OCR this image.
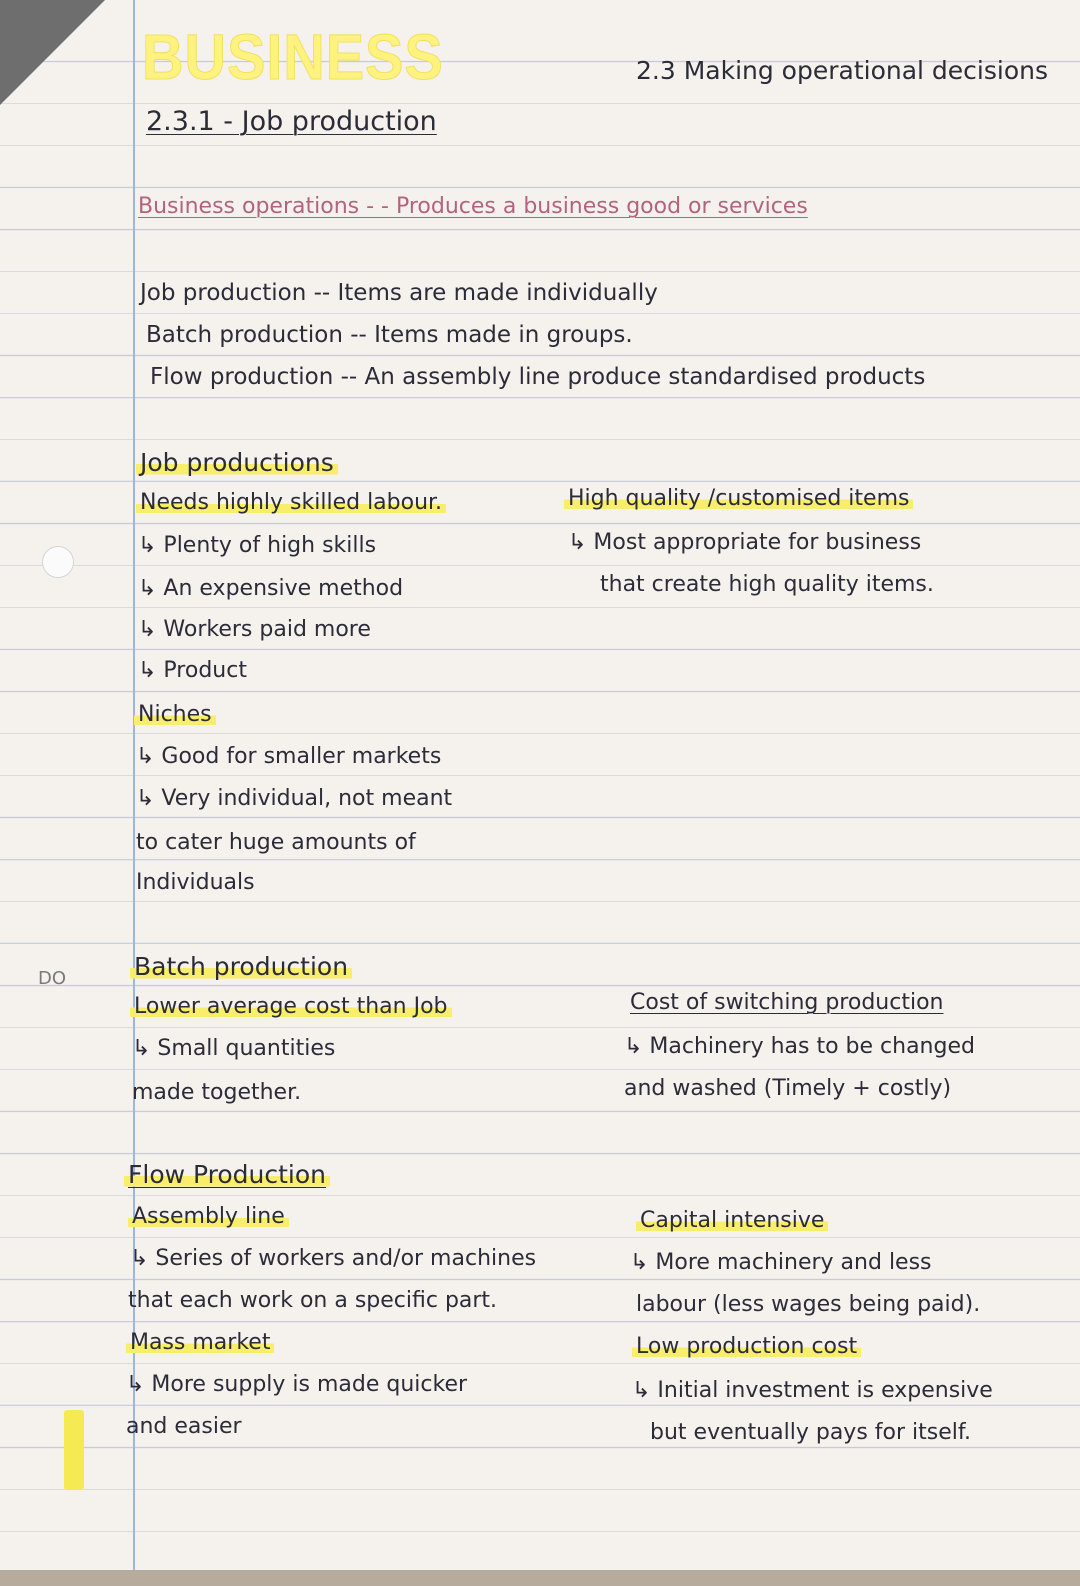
DO
BUSINESS
2.3.1 - Job production
2.3 Making operational decisions
Business operations - - Produces a business good or services
Job production -- Items are made individually
Batch production -- Items made in groups.
Flow production -- An assembly line produce standardised products
Job productions
Needs highly skilled labour.
↳ Plenty of high skills
↳ An expensive method
↳ Workers paid more
↳ Product
Niches
↳ Good for smaller markets
↳ Very individual, not meant
to cater huge amounts of
Individuals
High quality /customised items
↳ Most appropriate for business
that create high quality items.
Batch production
Lower average cost than Job
↳ Small quantities
made together.
Cost of switching production
↳ Machinery has to be changed
and washed (Timely + costly)
Flow Production
Assembly line
↳ Series of workers and/or machines
that each work on a specific part.
Mass market
↳ More supply is made quicker
and easier
Capital intensive
↳ More machinery and less
labour (less wages being paid).
Low production cost
↳ Initial investment is expensive
but eventually pays for itself.
